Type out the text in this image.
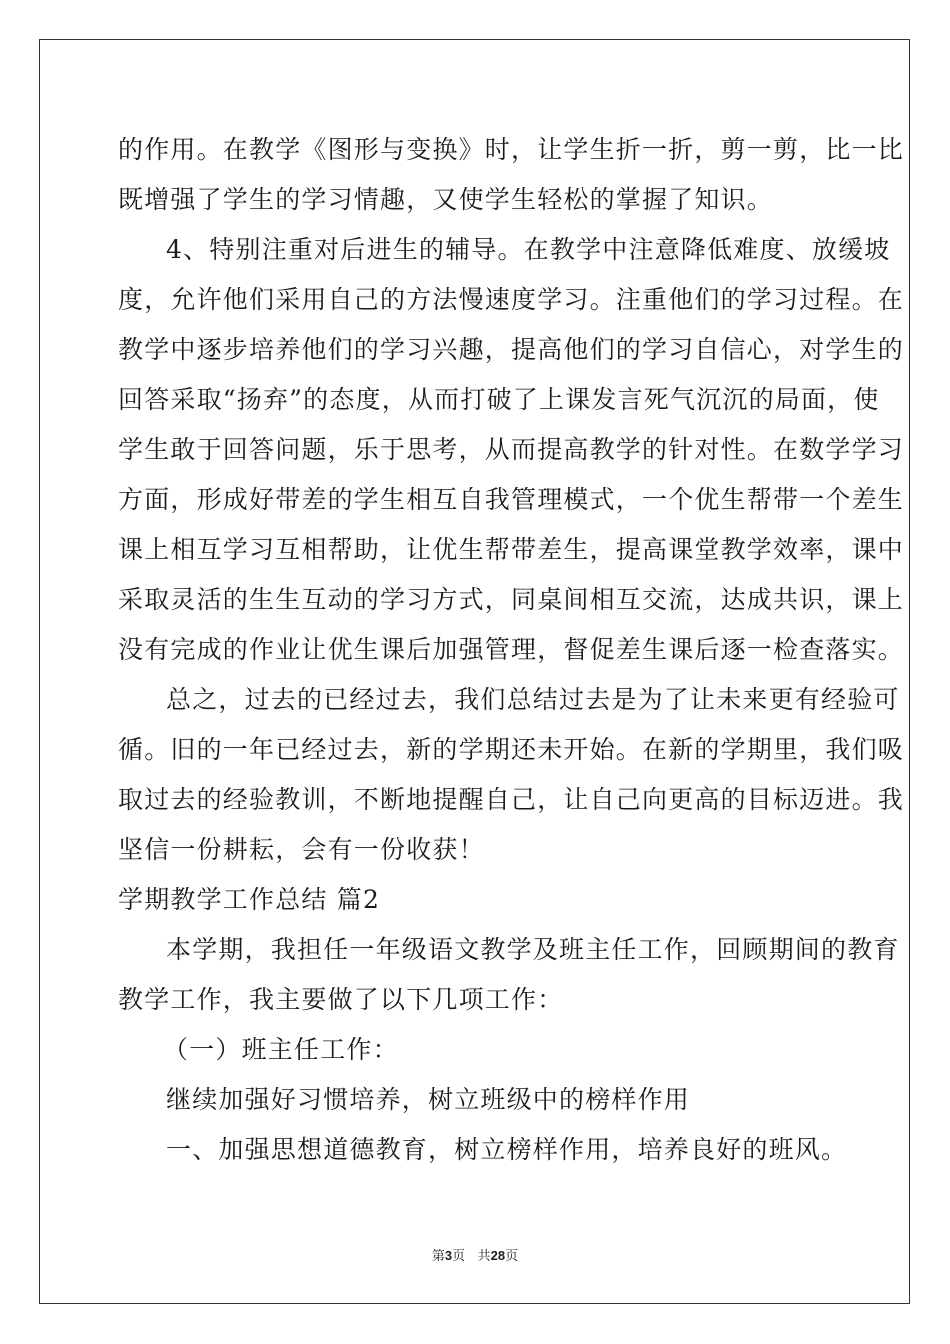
的作用。在教学《图形与变换》时，让学生折一折，剪一剪，比一比
既增强了学生的学习情趣，又使学生轻松的掌握了知识。
4、特别注重对后进生的辅导。在教学中注意降低难度、放缓坡
度，允许他们采用自己的方法慢速度学习。注重他们的学习过程。在
教学中逐步培养他们的学习兴趣，提高他们的学习自信心，对学生的
回答采取“扬弃”的态度，从而打破了上课发言死气沉沉的局面，使
学生敢于回答问题，乐于思考，从而提高教学的针对性。在数学学习
方面，形成好带差的学生相互自我管理模式，一个优生帮带一个差生
课上相互学习互相帮助，让优生帮带差生，提高课堂教学效率，课中
采取灵活的生生互动的学习方式，同桌间相互交流，达成共识，课上
没有完成的作业让优生课后加强管理，督促差生课后逐一检查落实。
总之，过去的已经过去，我们总结过去是为了让未来更有经验可
循。旧的一年已经过去，新的学期还未开始。在新的学期里，我们吸
取过去的经验教训，不断地提醒自己，让自己向更高的目标迈进。我
坚信一份耕耘，会有一份收获！
学期教学工作总结 篇2
本学期，我担任一年级语文教学及班主任工作，回顾期间的教育
教学工作，我主要做了以下几项工作：
（一）班主任工作：
继续加强好习惯培养，树立班级中的榜样作用
一、加强思想道德教育，树立榜样作用，培养良好的班风。
第3页 共28页
